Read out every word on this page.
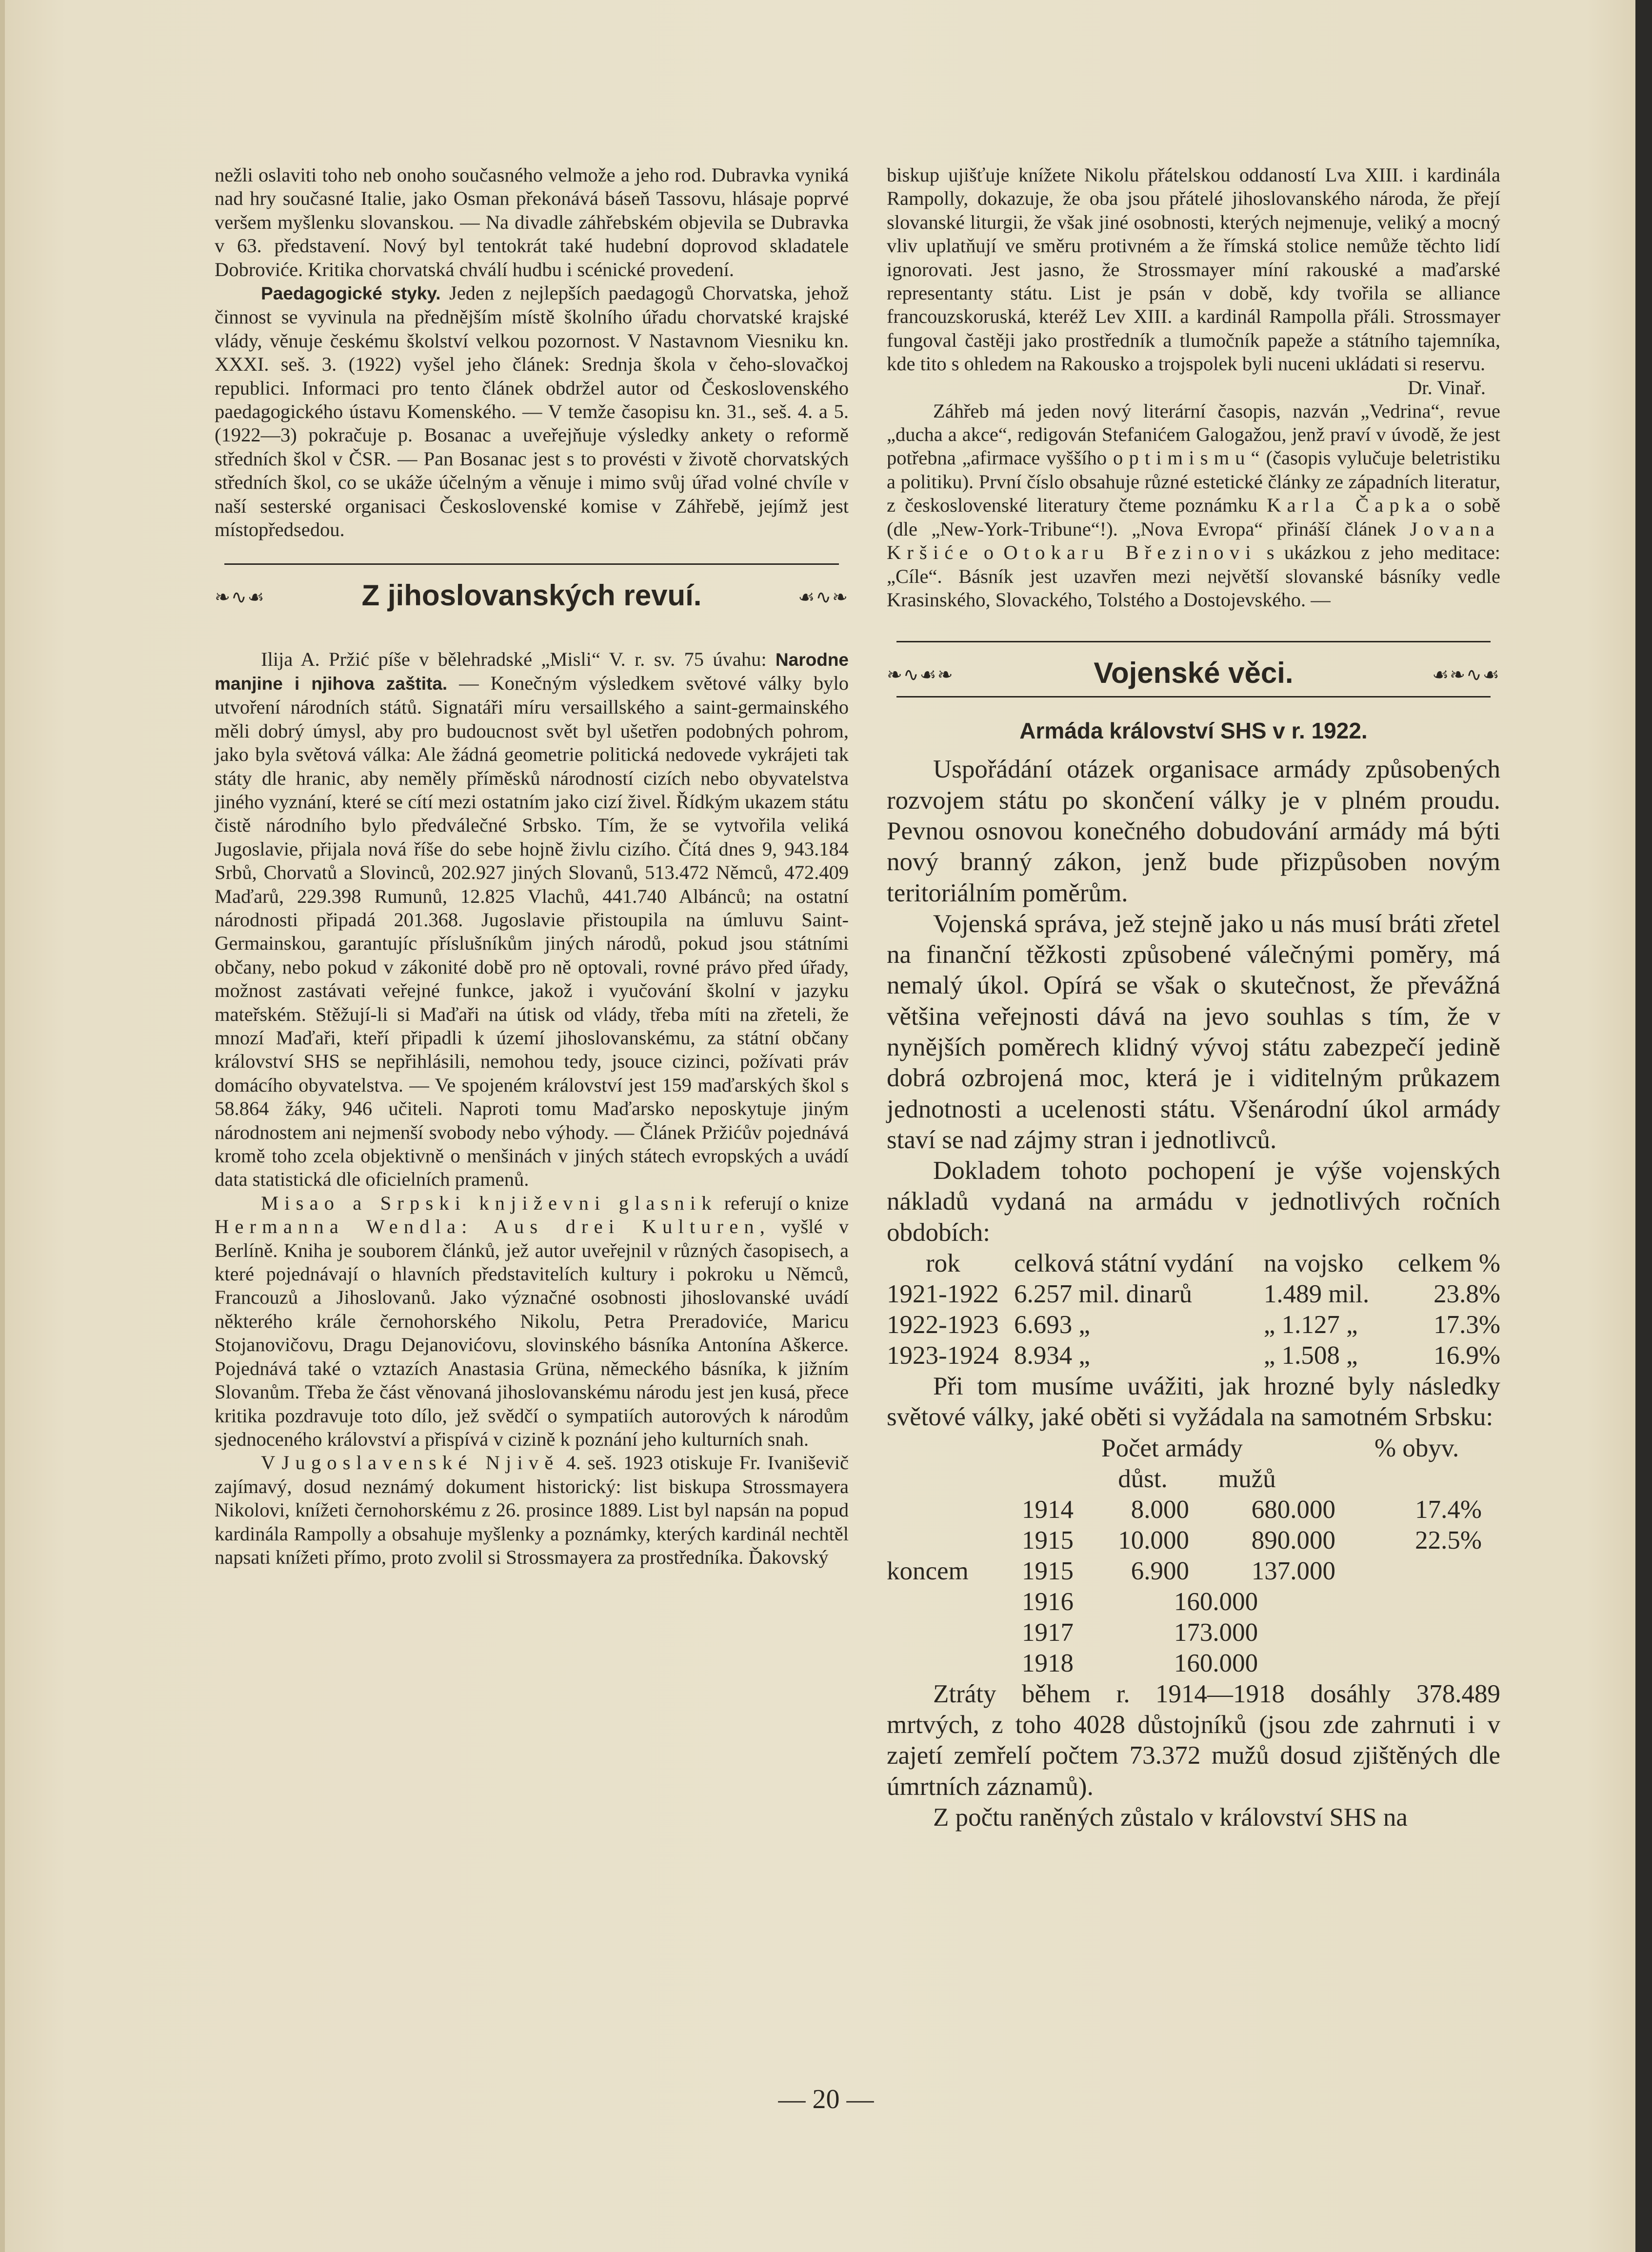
nežli oslaviti toho neb onoho současného velmože a jeho rod. Dubravka vyniká nad hry současné Italie, jako Osman překonává báseň Tassovu, hlásaje poprvé veršem myšlenku slovanskou. — Na divadle záhřebském objevila se Dubravka v 63. představení. Nový byl tentokrát také hudební doprovod skladatele Dobroviće. Kritika chorvatská chválí hudbu i scénické provedení.

Paedagogické styky. Jeden z nejlepších paedagogů Chorvatska, jehož činnost se vyvinula na přednějším místě školního úřadu chorvatské krajské vlády, věnuje českému školství velkou pozornost. V Nastavnom Viesniku kn. XXXI. seš. 3. (1922) vyšel jeho článek: Srednja škola v čeho-slovačkoj republici. Informaci pro tento článek obdržel autor od Československého paedagogického ústavu Komenského. — V temže časopisu kn. 31., seš. 4. a 5. (1922—3) pokračuje p. Bosanac a uveřejňuje výsledky ankety o reformě středních škol v ČSR. — Pan Bosanac jest s to provésti v životě chorvatských středních škol, co se ukáže účelným a věnuje i mimo svůj úřad volné chvíle v naší sesterské organisaci Československé komise v Záhřebě, jejímž jest místopředsedou.

❧∿☙	Z jihoslovanských revuí.	☙∿❧

Ilija A. Pržić píše v bělehradské „Misli“ V. r. sv. 75 úvahu: Narodne manjine i njihova zaštita. — Konečným výsledkem světové války bylo utvoření národních států. Signatáři míru versaillského a saint-germainského měli dobrý úmysl, aby pro budoucnost svět byl ušetřen podobných pohrom, jako byla světová válka: Ale žádná geometrie politická nedovede vykrájeti tak státy dle hranic, aby neměly příměsků národností cizích nebo obyvatelstva jiného vyznání, které se cítí mezi ostatním jako cizí živel. Řídkým ukazem státu čistě národního bylo předválečné Srbsko. Tím, že se vytvořila veliká Jugoslavie, přijala nová říše do sebe hojně živlu cizího. Čítá dnes 9, 943.184 Srbů, Chorvatů a Slovinců, 202.927 jiných Slovanů, 513.472 Němců, 472.409 Maďarů, 229.398 Rumunů, 12.825 Vlachů, 441.740 Albánců; na ostatní národnosti připadá 201.368. Jugoslavie přistoupila na úmluvu Saint-Germainskou, garantujíc příslušníkům jiných národů, pokud jsou státními občany, nebo pokud v zákonité době pro ně optovali, rovné právo před úřady, možnost zastávati veřejné funkce, jakož i vyučování školní v jazyku mateřském. Stěžují-li si Maďaři na útisk od vlády, třeba míti na zřeteli, že mnozí Maďaři, kteří připadli k území jihoslovanskému, za státní občany království SHS se nepřihlásili, nemohou tedy, jsouce cizinci, požívati práv domácího obyvatelstva. — Ve spojeném království jest 159 maďarských škol s 58.864 žáky, 946 učiteli. Naproti tomu Maďarsko neposkytuje jiným národnostem ani nejmenší svobody nebo výhody. — Článek Pržićův pojednává kromě toho zcela objektivně o menšinách v jiných státech evropských a uvádí data statistická dle oficielních pramenů.

Misao a Srpski književni glasnik referují o knize Hermanna Wendla: Aus drei Kulturen, vyšlé v Berlíně. Kniha je souborem článků, jež autor uveřejnil v různých časopisech, a které pojednávají o hlavních představitelích kultury i pokroku u Němců, Francouzů a Jihoslovanů. Jako význačné osobnosti jihoslovanské uvádí některého krále černohorského Nikolu, Petra Preradoviće, Maricu Stojanovičovu, Dragu Dejanovićovu, slovinského básníka Antonína Aškerce. Pojednává také o vztazích Anastasia Grüna, německého básníka, k jižním Slovanům. Třeba že část věnovaná jihoslovanskému národu jest jen kusá, přece kritika pozdravuje toto dílo, jež svědčí o sympatiích autorových k národům sjednoceného království a přispívá v cizině k poznání jeho kulturních snah.

V Jugoslavenské Njivě 4. seš. 1923 otiskuje Fr. Ivaniševič zajímavý, dosud neznámý dokument historický: list biskupa Strossmayera Nikolovi, knížeti černohorskému z 26. prosince 1889. List byl napsán na popud kardinála Rampolly a obsahuje myšlenky a poznámky, kterých kardinál nechtěl napsati knížeti přímo, proto zvolil si Strossmayera za prostředníka. Ďakovský

biskup ujišťuje knížete Nikolu přátelskou oddaností Lva XIII. i kardinála Rampolly, dokazuje, že oba jsou přátelé jihoslovanského národa, že přejí slovanské liturgii, že však jiné osobnosti, kterých nejmenuje, veliký a mocný vliv uplatňují ve směru protivném a že římská stolice nemůže těchto lidí ignorovati. Jest jasno, že Strossmayer míní rakouské a maďarské representanty státu. List je psán v době, kdy tvořila se alliance francouzskoruská, kteréž Lev XIII. a kardinál Rampolla přáli. Strossmayer fungoval častěji jako prostředník a tlumočník papeže a státního tajemníka, kde tito s ohledem na Rakousko a trojspolek byli nuceni ukládati si reservu.

Dr. Vinař.

Záhřeb má jeden nový literární časopis, nazván „Vedrina“, revue „ducha a akce“, redigován Stefanićem Galogažou, jenž praví v úvodě, že jest potřebna „afirmace vyššího optimismu“ (časopis vylučuje beletristiku a politiku). První číslo obsahuje různé estetické články ze západních literatur, z československé literatury čteme poznámku Karla Čapka o sobě (dle „New-York-Tribune“!). „Nova Evropa“ přináší článek Jovana Kršiće o Otokaru Březinovi s ukázkou z jeho meditace: „Cíle“. Básník jest uzavřen mezi největší slovanské básníky vedle Krasinského, Slovackého, Tolstého a Dostojevského. —

❧∿☙❧	Vojenské věci.	☙❧∿☙

Armáda království SHS v r. 1922.

Uspořádání otázek organisace armády způsobených rozvojem státu po skončení války je v plném proudu. Pevnou osnovou konečného dobudování armády má býti nový branný zákon, jenž bude přizpůsoben novým teritoriálním poměrům.

Vojenská správa, jež stejně jako u nás musí bráti zřetel na finanční těžkosti způsobené válečnými poměry, má nemalý úkol. Opírá se však o skutečnost, že převážná většina veřejnosti dává na jevo souhlas s tím, že v nynějších poměrech klidný vývoj státu zabezpečí jedině dobrá ozbrojená moc, která je i viditelným průkazem jednotnosti a ucelenosti státu. Všenárodní úkol armády staví se nad zájmy stran i jednotlivců.

Dokladem tohoto pochopení je výše vojenských nákladů vydaná na armádu v jednotlivých ročních obdobích:

rok	celková státní vydání	na vojsko	celkem %
1921-1922	6.257 mil. dinarů	1.489 mil.	23.8%
1922-1923	6.693 „	„ 1.127 „	17.3%
1923-1924	8.934 „	„ 1.508 „	16.9%

Při tom musíme uvážiti, jak hrozné byly následky světové války, jaké oběti si vyžádala na samotném Srbsku:

		Počet armády		% obyv.
		důst.	mužů	
	1914	8.000	680.000	17.4%
	1915	10.000	890.000	22.5%
koncem	1915	6.900	137.000	
	1916	160.000		
	1917	173.000		
	1918	160.000		

Ztráty během r. 1914—1918 dosáhly 378.489 mrtvých, z toho 4028 důstojníků (jsou zde zahrnuti i v zajetí zemřelí počtem 73.372 mužů dosud zjištěných dle úmrtních záznamů).

Z počtu raněných zůstalo v království SHS na

— 20 —
